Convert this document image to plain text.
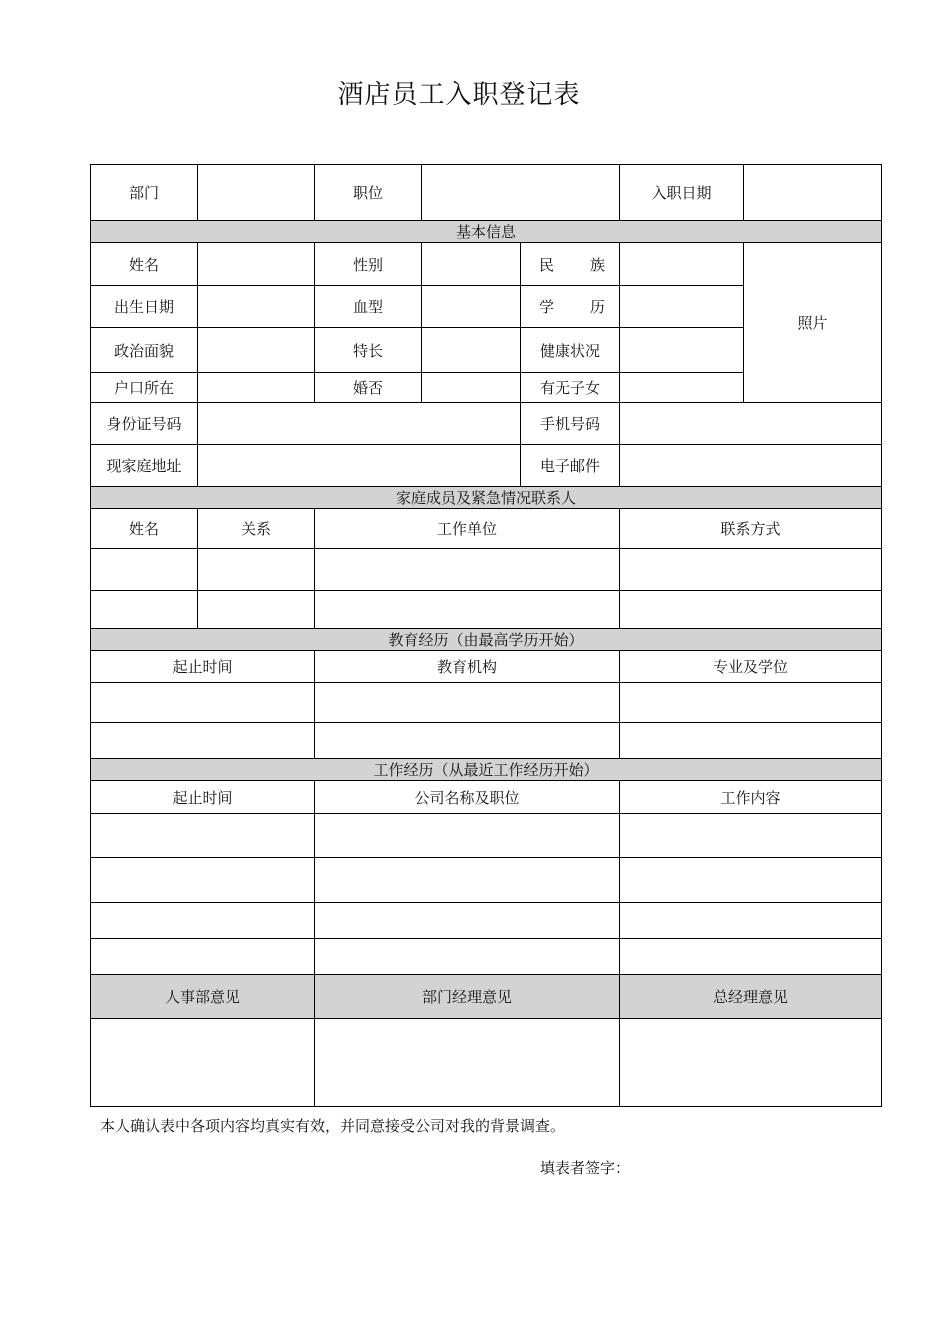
酒店员工入职登记表
部门		职位			入职日期	
基本信息						
姓名		性别		民 族		照片
出生日期		血型		学 历		

政治面貌		特长		健康状况		
户口所在		婚否		有无子女		
身份证号码				手机号码		
现家庭地址				电子邮件		
家庭成员及紧急情况联系人						
姓名	关系	工作单位			联系方式	

教育经历（由最高学历开始）						
起止时间		教育机构			专业及学位	

工作经历（从最近工作经历开始）						
起止时间		公司名称及职位			工作内容	

人事部意见		部门经理意见			总经理意见	

本人确认表中各项内容均真实有效，并同意接受公司对我的背景调查。
填表者签字：
